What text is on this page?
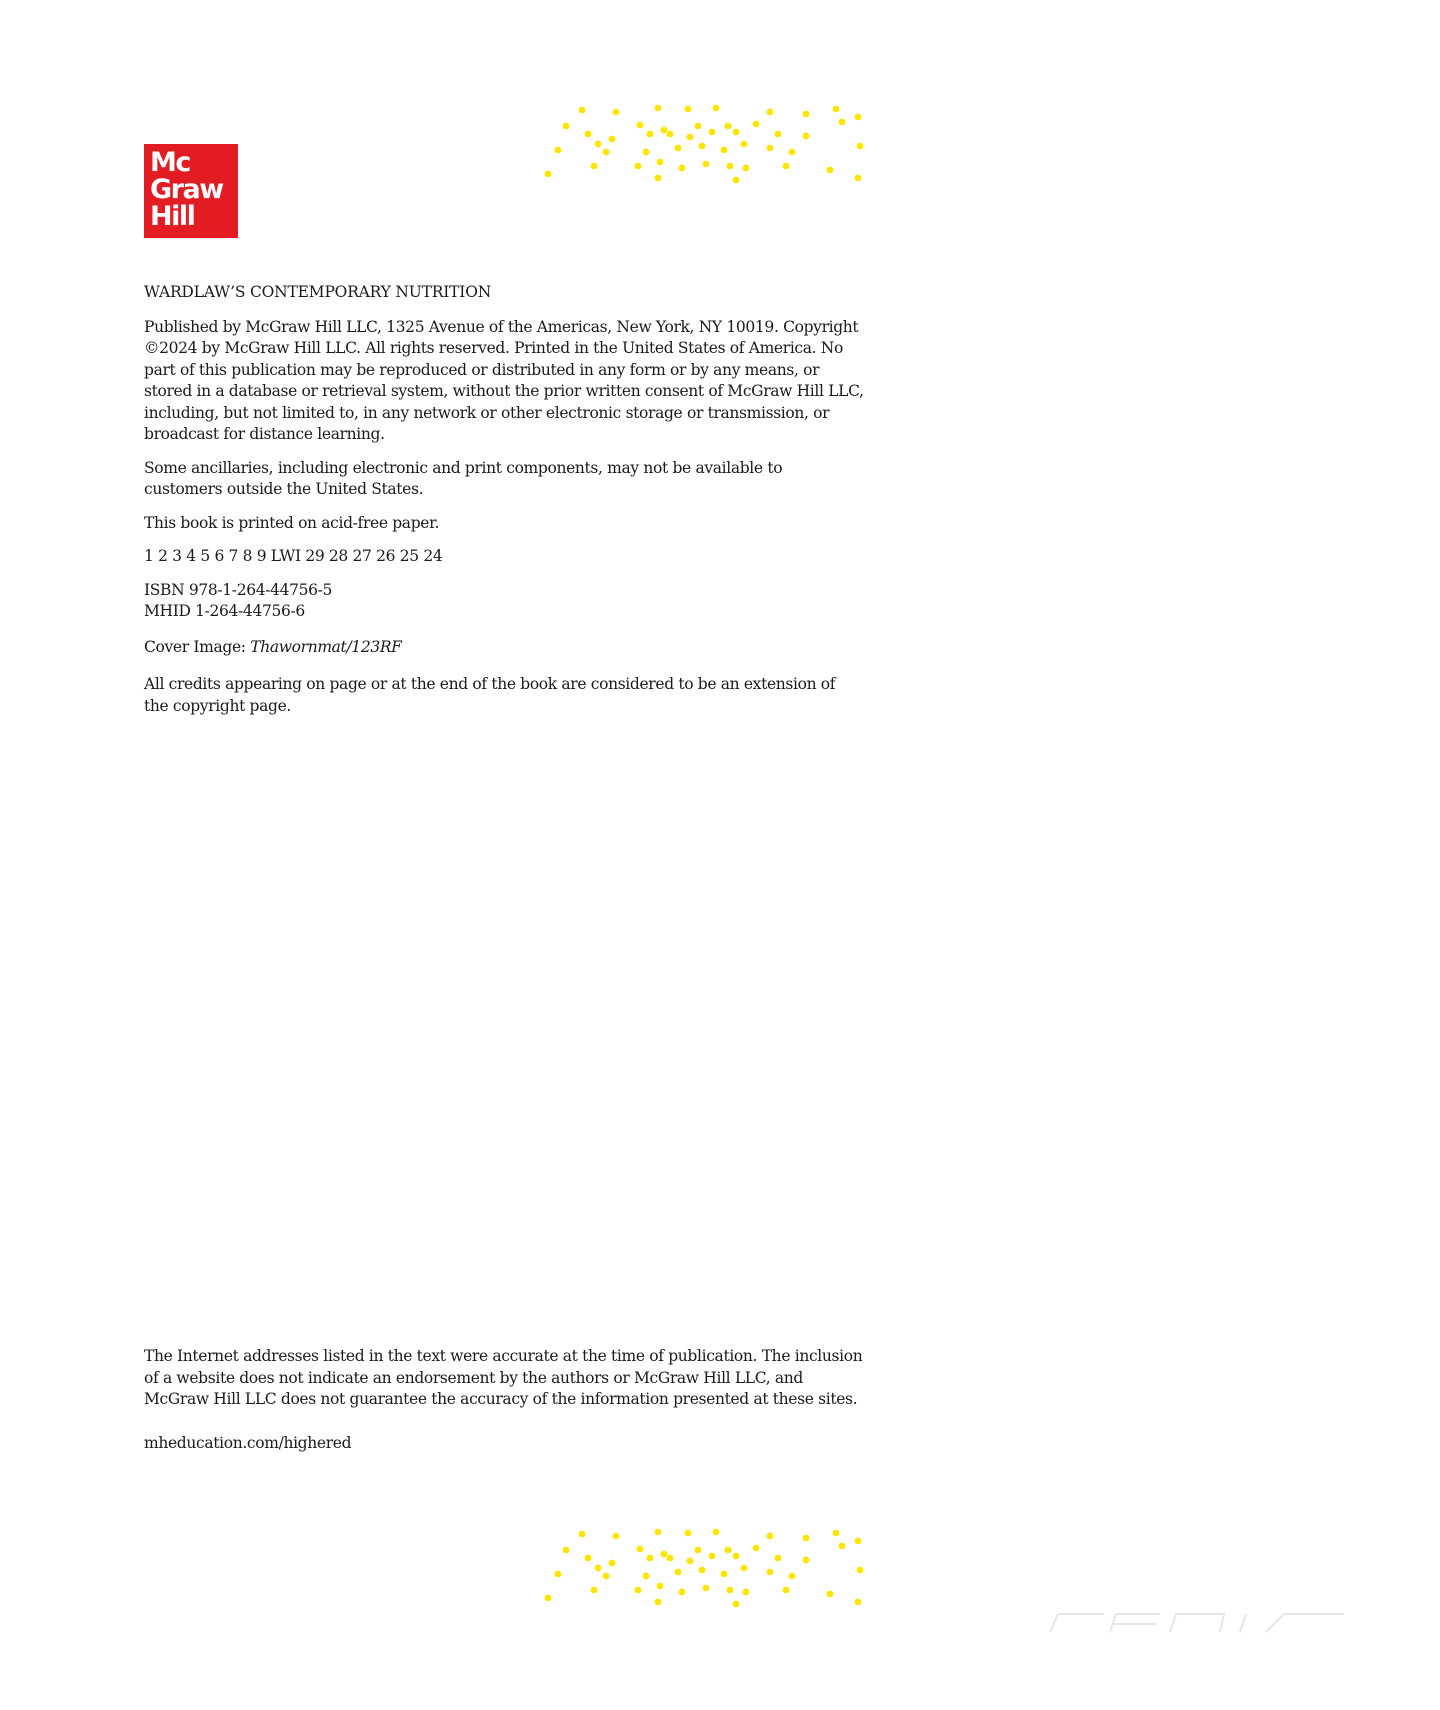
Mc
Graw
Hill

WARDLAW’S CONTEMPORARY NUTRITION

Published by McGraw Hill LLC, 1325 Avenue of the Americas, New York, NY 10019. Copyright ©2024 by McGraw Hill LLC. All rights reserved. Printed in the United States of America. No part of this publication may be reproduced or distributed in any form or by any means, or stored in a database or retrieval system, without the prior written consent of McGraw Hill LLC, including, but not limited to, in any network or other electronic storage or transmission, or broadcast for distance learning.

Some ancillaries, including electronic and print components, may not be available to customers outside the United States.

This book is printed on acid-free paper.

1 2 3 4 5 6 7 8 9 LWI 29 28 27 26 25 24

ISBN 978-1-264-44756-5
MHID 1-264-44756-6

Cover Image: Thawornmat/123RF

All credits appearing on page or at the end of the book are considered to be an extension of the copyright page.

The Internet addresses listed in the text were accurate at the time of publication. The inclusion of a website does not indicate an endorsement by the authors or McGraw Hill LLC, and McGraw Hill LLC does not guarantee the accuracy of the information presented at these sites.

mheducation.com/highered
